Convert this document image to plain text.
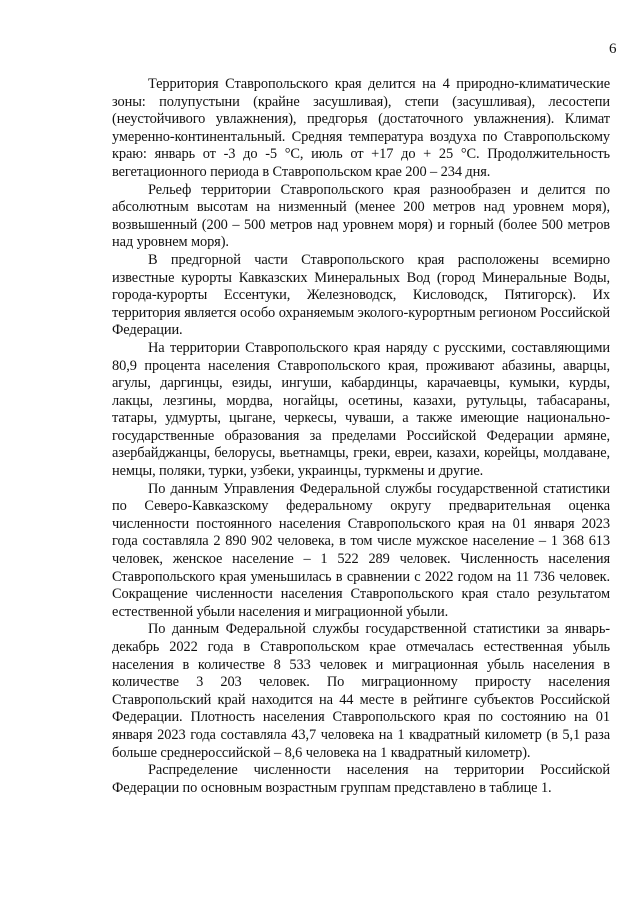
6

Территория Ставропольского края делится на 4 природно-климатические зоны: полупустыни (крайне засушливая), степи (засушливая), лесостепи (неустойчивого увлажнения), предгорья (достаточного увлажнения). Климат умеренно-континентальный. Средняя температура воздуха по Ставропольскому краю: январь от -3 до -5 °С, июль от +17 до + 25 °С. Продолжительность вегетационного периода в Ставропольском крае 200 – 234 дня.

Рельеф территории Ставропольского края разнообразен и делится по абсолютным высотам на низменный (менее 200 метров над уровнем моря), возвышенный (200 – 500 метров над уровнем моря) и горный (более 500 метров над уровнем моря).

В предгорной части Ставропольского края расположены всемирно известные курорты Кавказских Минеральных Вод (город Минеральные Воды, города-курорты Ессентуки, Железноводск, Кисловодск, Пятигорск). Их территория является особо охраняемым эколого-курортным регионом Российской Федерации.

На территории Ставропольского края наряду с русскими, составляющими 80,9 процента населения Ставропольского края, проживают абазины, аварцы, агулы, даргинцы, езиды, ингуши, кабардинцы, карачаевцы, кумыки, курды, лакцы, лезгины, мордва, ногайцы, осетины, казахи, рутульцы, табасараны, татары, удмурты, цыгане, черкесы, чуваши, а также имеющие национально-государственные образования за пределами Российской Федерации армяне, азербайджанцы, белорусы, вьетнамцы, греки, евреи, казахи, корейцы, молдаване, немцы, поляки, турки, узбеки, украинцы, туркмены и другие.

По данным Управления Федеральной службы государственной статистики по Северо-Кавказскому федеральному округу предварительная оценка численности постоянного населения Ставропольского края на 01 января 2023 года составляла 2 890 902 человека, в том числе мужское население – 1 368 613 человек, женское население – 1 522 289 человек. Численность населения Ставропольского края уменьшилась в сравнении с 2022 годом на 11 736 человек. Сокращение численности населения Ставропольского края стало результатом естественной убыли населения и миграционной убыли.

По данным Федеральной службы государственной статистики за январь-декабрь 2022 года в Ставропольском крае отмечалась естественная убыль населения в количестве 8 533 человек и миграционная убыль населения в количестве 3 203 человек. По миграционному приросту населения Ставропольский край находится на 44 месте в рейтинге субъектов Российской Федерации. Плотность населения Ставропольского края по состоянию на 01 января 2023 года составляла 43,7 человека на 1 квадратный километр (в 5,1 раза больше среднероссийской – 8,6 человека на 1 квадратный километр).

Распределение численности населения на территории Российской Федерации по основным возрастным группам представлено в таблице 1.
